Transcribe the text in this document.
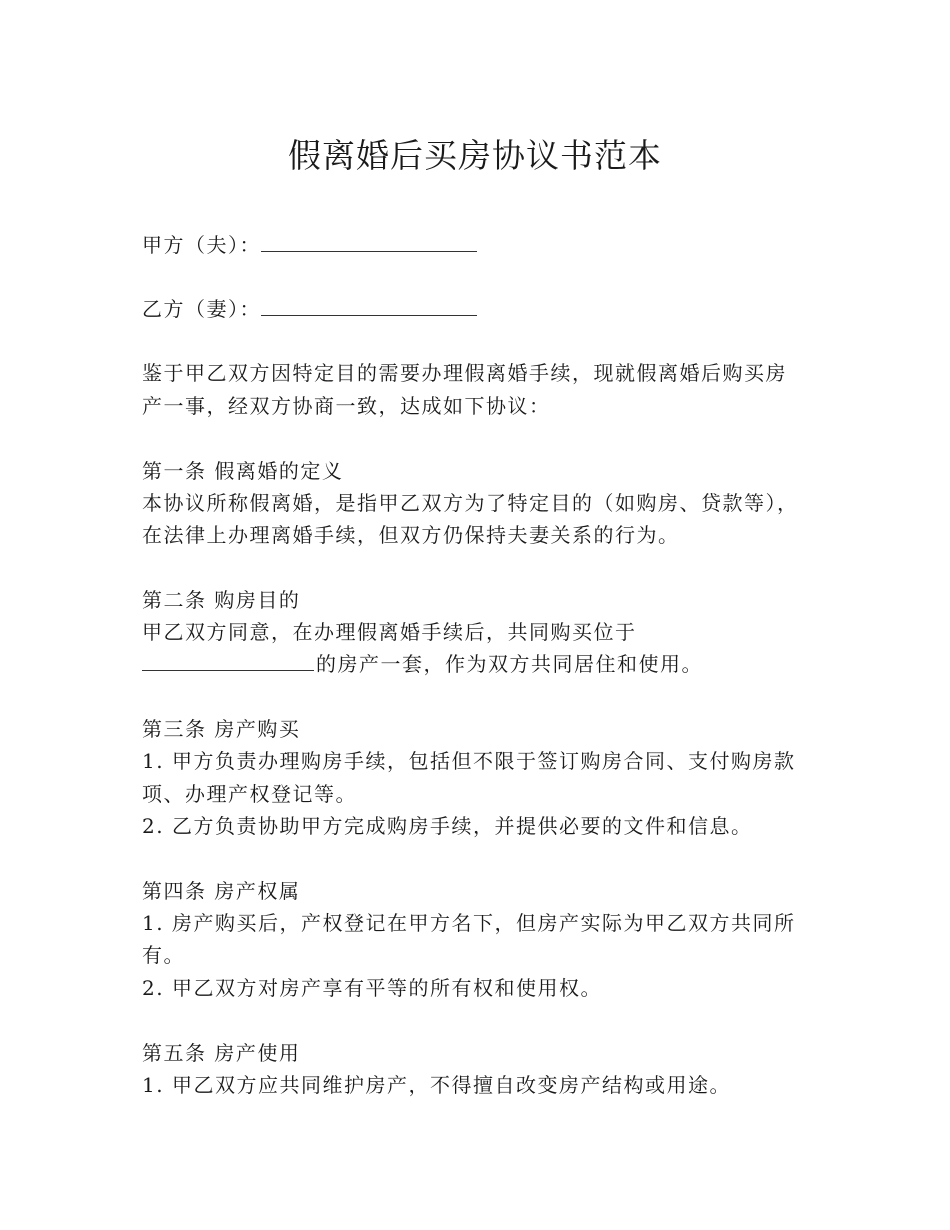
假离婚后买房协议书范本
甲方（夫）：
乙方（妻）：
鉴于甲乙双方因特定目的需要办理假离婚手续，现就假离婚后购买房
产一事，经双方协商一致，达成如下协议：
第一条 假离婚的定义
本协议所称假离婚，是指甲乙双方为了特定目的（如购房、贷款等），
在法律上办理离婚手续，但双方仍保持夫妻关系的行为。
第二条 购房目的
甲乙双方同意，在办理假离婚手续后，共同购买位于
的房产一套，作为双方共同居住和使用。
第三条 房产购买
1. 甲方负责办理购房手续，包括但不限于签订购房合同、支付购房款
项、办理产权登记等。
2. 乙方负责协助甲方完成购房手续，并提供必要的文件和信息。
第四条 房产权属
1. 房产购买后，产权登记在甲方名下，但房产实际为甲乙双方共同所
有。
2. 甲乙双方对房产享有平等的所有权和使用权。
第五条 房产使用
1. 甲乙双方应共同维护房产，不得擅自改变房产结构或用途。
